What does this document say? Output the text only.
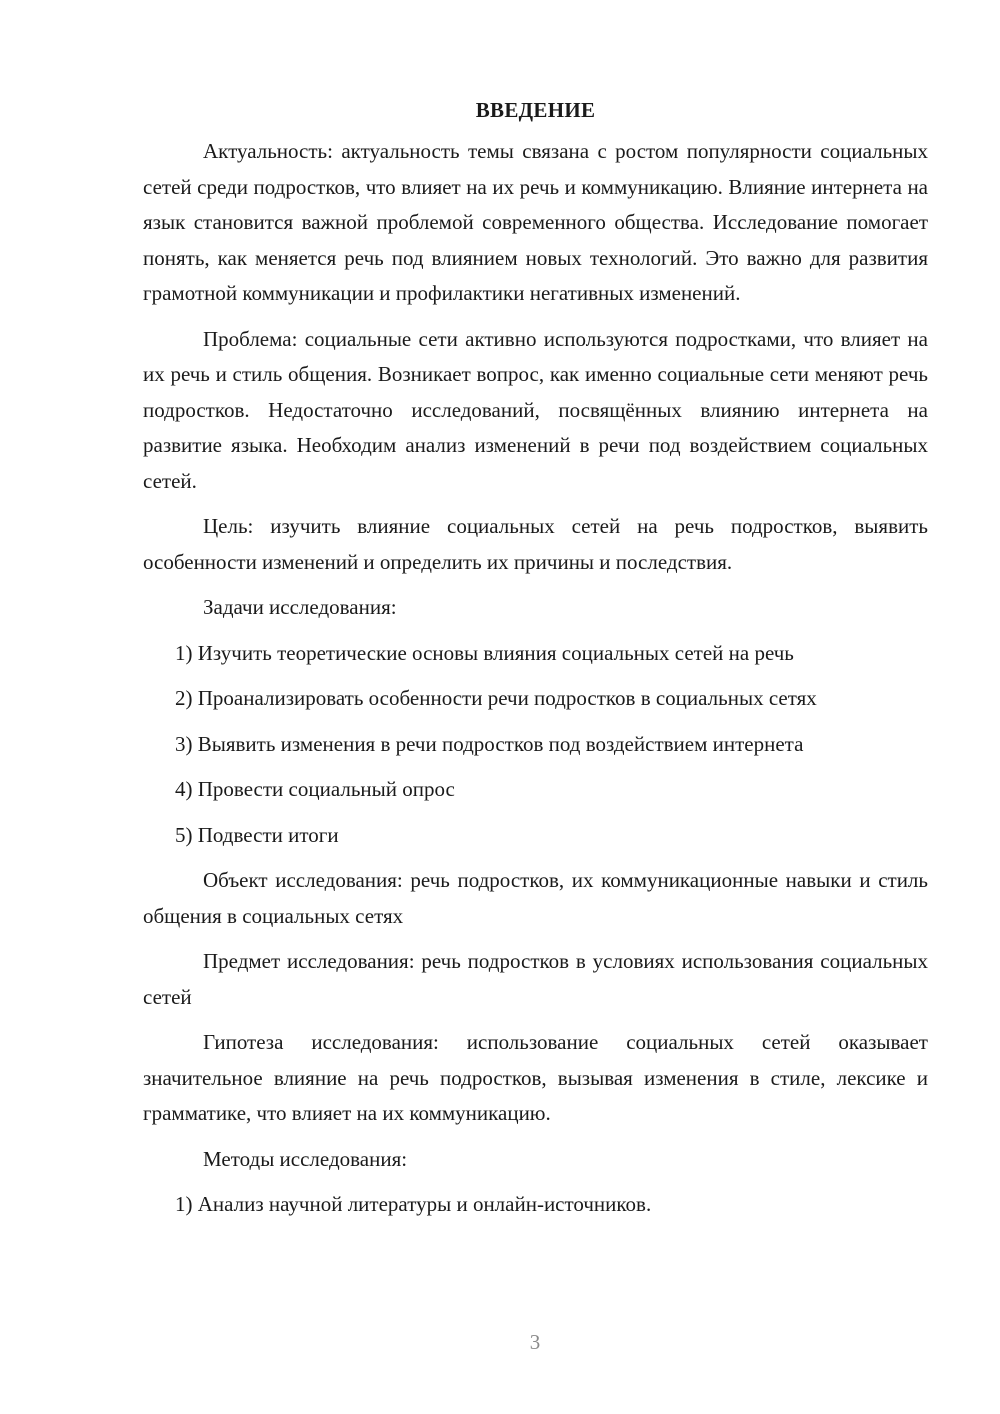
ВВЕДЕНИЕ

Актуальность: актуальность темы связана с ростом популярности социальных сетей среди подростков, что влияет на их речь и коммуникацию. Влияние интернета на язык становится важной проблемой современного общества. Исследование помогает понять, как меняется речь под влиянием новых технологий. Это важно для развития грамотной коммуникации и профилактики негативных изменений.

Проблема: социальные сети активно используются подростками, что влияет на их речь и стиль общения. Возникает вопрос, как именно социальные сети меняют речь подростков. Недостаточно исследований, посвящённых влиянию интернета на развитие языка. Необходим анализ изменений в речи под воздействием социальных сетей.

Цель: изучить влияние социальных сетей на речь подростков, выявить особенности изменений и определить их причины и последствия.

Задачи исследования:

1) Изучить теоретические основы влияния социальных сетей на речь

2) Проанализировать особенности речи подростков в социальных сетях

3) Выявить изменения в речи подростков под воздействием интернета

4) Провести социальный опрос

5) Подвести итоги

Объект исследования: речь подростков, их коммуникационные навыки и стиль общения в социальных сетях

Предмет исследования: речь подростков в условиях использования социальных сетей

Гипотеза исследования: использование социальных сетей оказывает значительное влияние на речь подростков, вызывая изменения в стиле, лексике и грамматике, что влияет на их коммуникацию.

Методы исследования:

1) Анализ научной литературы и онлайн-источников.

3
